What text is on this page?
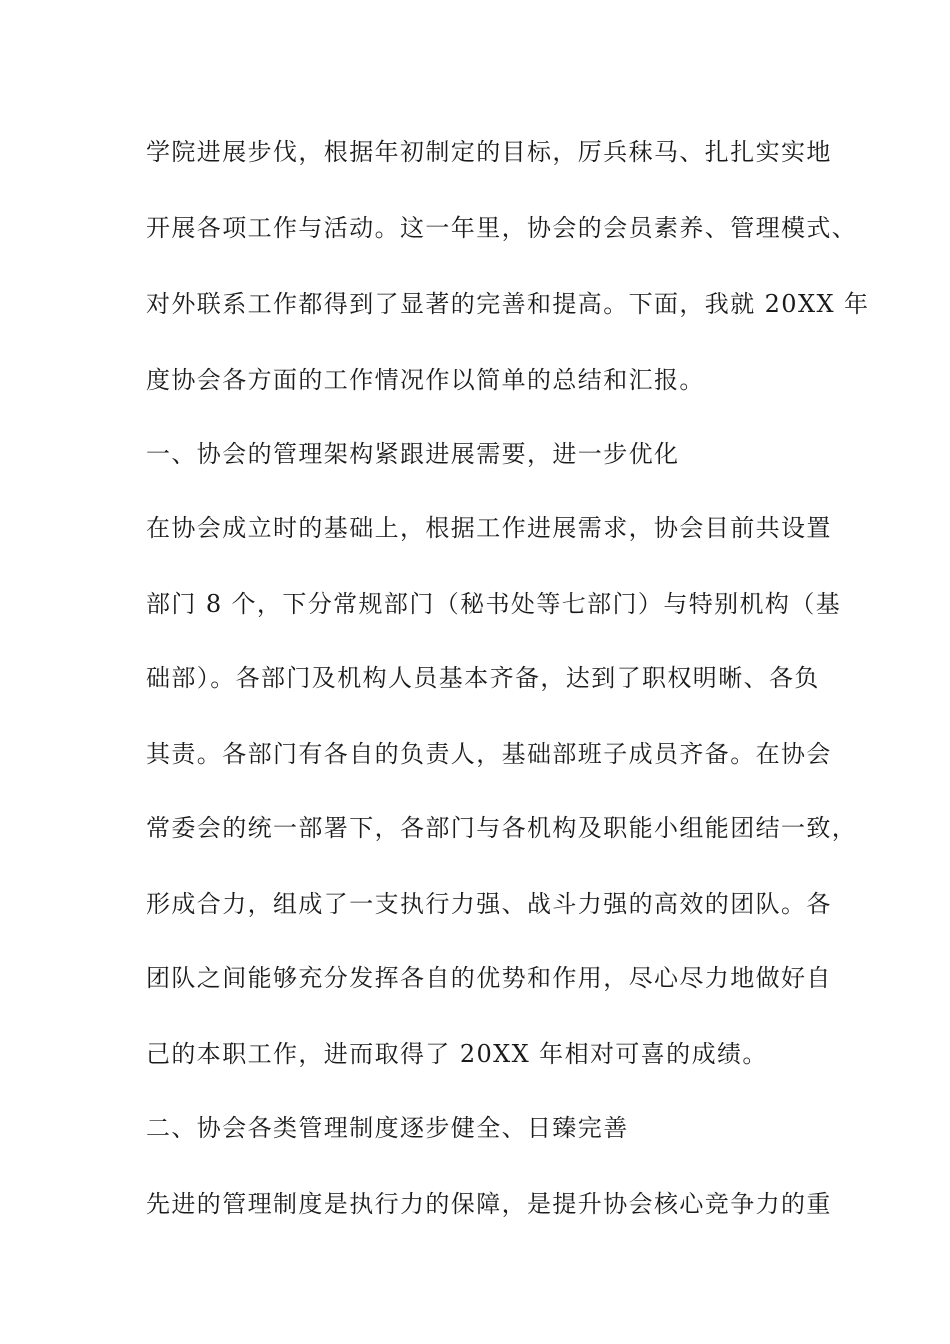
学院进展步伐，根据年初制定的目标，厉兵秣马、扎扎实实地
开展各项工作与活动。这一年里，协会的会员素养、管理模式、
对外联系工作都得到了显著的完善和提高。下面，我就 20XX 年
度协会各方面的工作情况作以简单的总结和汇报。
一、协会的管理架构紧跟进展需要，进一步优化
在协会成立时的基础上，根据工作进展需求，协会目前共设置
部门 8 个，下分常规部门（秘书处等七部门）与特别机构（基
础部）。各部门及机构人员基本齐备，达到了职权明晰、各负
其责。各部门有各自的负责人，基础部班子成员齐备。在协会
常委会的统一部署下，各部门与各机构及职能小组能团结一致，
形成合力，组成了一支执行力强、战斗力强的高效的团队。各
团队之间能够充分发挥各自的优势和作用，尽心尽力地做好自
己的本职工作，进而取得了 20XX 年相对可喜的成绩。
二、协会各类管理制度逐步健全、日臻完善
先进的管理制度是执行力的保障，是提升协会核心竞争力的重
